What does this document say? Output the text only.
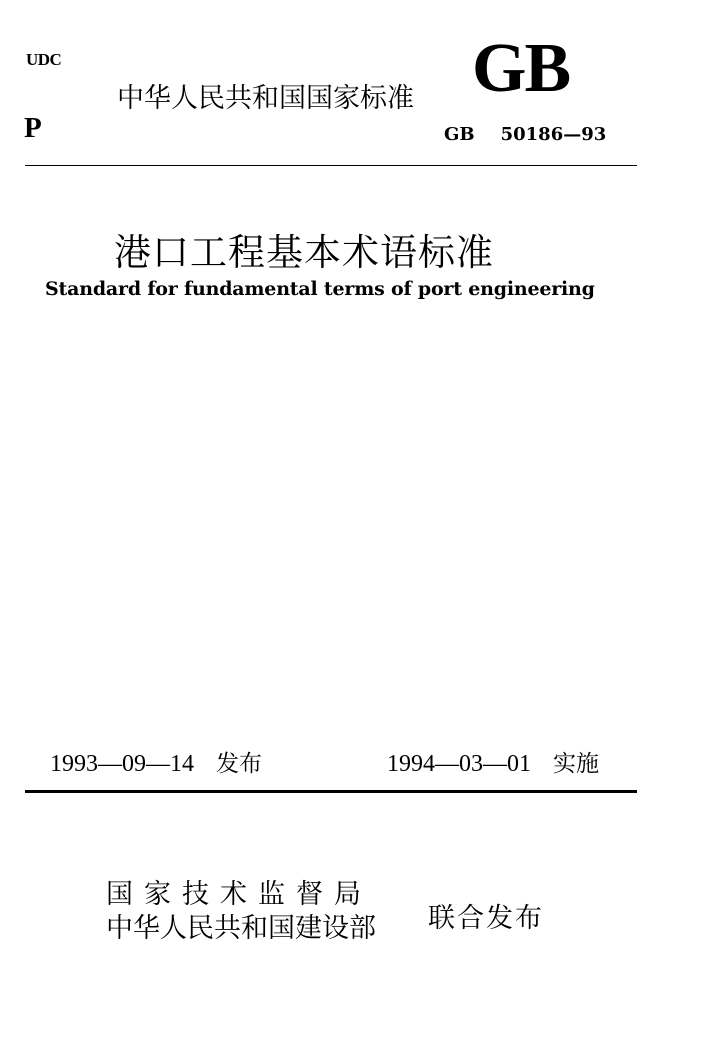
UDC
中华人民共和国国家标准 GB
P	GB 50186—93
港口工程基本术语标准
Standard for fundamental terms of port engineering
1993—09—14 发布	1994—03—01 实施
国家技术监督局
中华人民共和国建设部 联合发布
